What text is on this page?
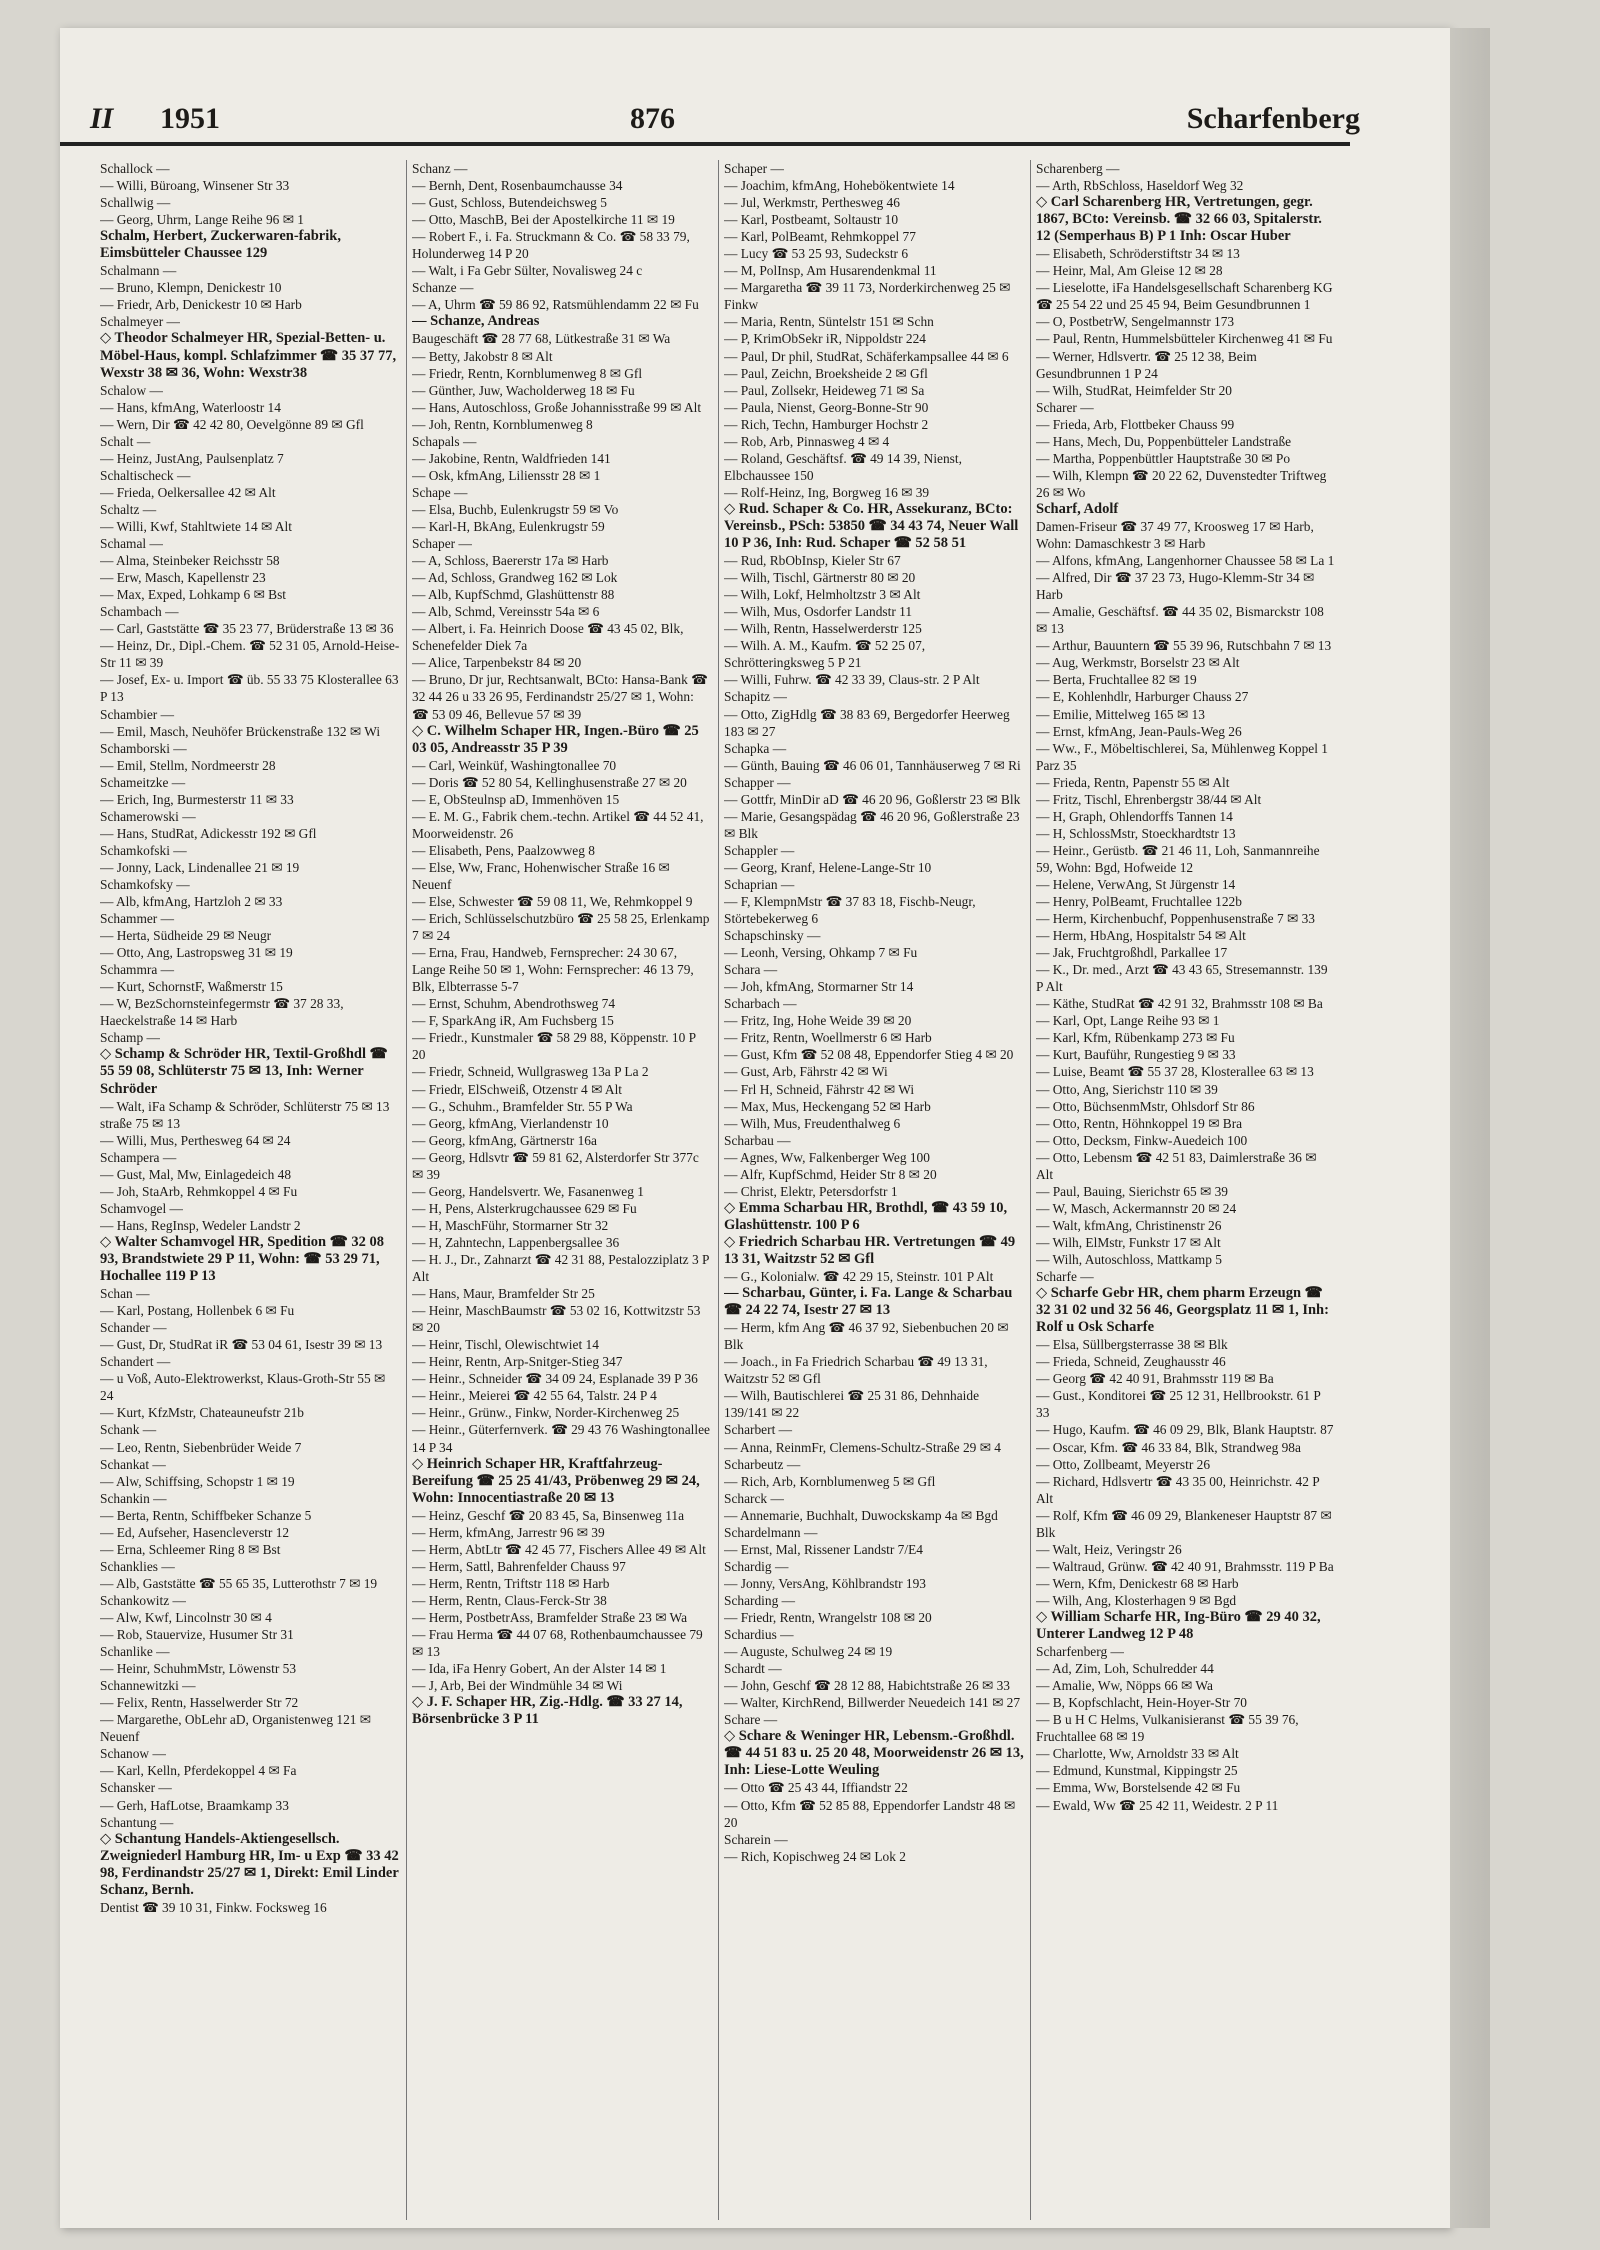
II 1951	876	Scharfenberg

Schallock —

— Willi, Büroang, Winsener Str 33

Schallwig —

— Georg, Uhrm, Lange Reihe 96 ✉ 1

Schalm, Herbert, Zuckerwaren-fabrik, Eimsbütteler Chaussee 129

Schalmann —

— Bruno, Klempn, Denickestr 10

— Friedr, Arb, Denickestr 10 ✉ Harb

Schalmeyer —

◇ Theodor Schalmeyer HR, Spezial-Betten- u. Möbel-Haus, kompl. Schlafzimmer ☎ 35 37 77, Wexstr 38 ✉ 36, Wohn: Wexstr38

Schalow —

— Hans, kfmAng, Waterloostr 14

— Wern, Dir ☎ 42 42 80, Oevelgönne 89 ✉ Gfl

Schalt —

— Heinz, JustAng, Paulsenplatz 7

Schaltischeck —

— Frieda, Oelkersallee 42 ✉ Alt

Schaltz —

— Willi, Kwf, Stahltwiete 14 ✉ Alt

Schamal —

— Alma, Steinbeker Reichsstr 58

— Erw, Masch, Kapellenstr 23

— Max, Exped, Lohkamp 6 ✉ Bst

Schambach —

— Carl, Gaststätte ☎ 35 23 77, Brüderstraße 13 ✉ 36

— Heinz, Dr., Dipl.-Chem. ☎ 52 31 05, Arnold-Heise-Str 11 ✉ 39

— Josef, Ex- u. Import ☎ üb. 55 33 75 Klosterallee 63 P 13

Schambier —

— Emil, Masch, Neuhöfer Brückenstraße 132 ✉ Wi

Schamborski —

— Emil, Stellm, Nordmeerstr 28

Schameitzke —

— Erich, Ing, Burmesterstr 11 ✉ 33

Schamerowski —

— Hans, StudRat, Adickesstr 192 ✉ Gfl

Schamkofski —

— Jonny, Lack, Lindenallee 21 ✉ 19

Schamkofsky —

— Alb, kfmAng, Hartzloh 2 ✉ 33

Schammer —

— Herta, Südheide 29 ✉ Neugr

— Otto, Ang, Lastropsweg 31 ✉ 19

Schammra —

— Kurt, SchornstF, Waßmerstr 15

— W, BezSchornsteinfegermstr ☎ 37 28 33, Haeckelstraße 14 ✉ Harb

Schamp —

◇ Schamp & Schröder HR, Textil-Großhdl ☎ 55 59 08, Schlüterstr 75 ✉ 13, Inh: Werner Schröder

— Walt, iFa Schamp & Schröder, Schlüterstr 75 ✉ 13

straße 75 ✉ 13

— Willi, Mus, Perthesweg 64 ✉ 24

Schampera —

— Gust, Mal, Mw, Einlagedeich 48

— Joh, StaArb, Rehmkoppel 4 ✉ Fu

Schamvogel —

— Hans, RegInsp, Wedeler Landstr 2

◇ Walter Schamvogel HR, Spedition ☎ 32 08 93, Brandstwiete 29 P 11, Wohn: ☎ 53 29 71, Hochallee 119 P 13

Schan —

— Karl, Postang, Hollenbek 6 ✉ Fu

Schander —

— Gust, Dr, StudRat iR ☎ 53 04 61, Isestr 39 ✉ 13

Schandert —

— u Voß, Auto-Elektrowerkst, Klaus-Groth-Str 55 ✉ 24

— Kurt, KfzMstr, Chateauneufstr 21b

Schank —

— Leo, Rentn, Siebenbrüder Weide 7

Schankat —

— Alw, Schiffsing, Schopstr 1 ✉ 19

Schankin —

— Berta, Rentn, Schiffbeker Schanze 5

— Ed, Aufseher, Hasencleverstr 12

— Erna, Schleemer Ring 8 ✉ Bst

Schanklies —

— Alb, Gaststätte ☎ 55 65 35, Lutterothstr 7 ✉ 19

Schankowitz —

— Alw, Kwf, Lincolnstr 30 ✉ 4

— Rob, Stauervize, Husumer Str 31

Schanlike —

— Heinr, SchuhmMstr, Löwenstr 53

Schannewitzki —

— Felix, Rentn, Hasselwerder Str 72

— Margarethe, ObLehr aD, Organistenweg 121 ✉ Neuenf

Schanow —

— Karl, Kelln, Pferdekoppel 4 ✉ Fa

Schansker —

— Gerh, HafLotse, Braamkamp 33

Schantung —

◇ Schantung Handels-Aktiengesellsch. Zweigniederl Hamburg HR, Im- u Exp ☎ 33 42 98, Ferdinandstr 25/27 ✉ 1, Direkt: Emil Linder

Schanz, Bernh.

Dentist ☎ 39 10 31, Finkw. Focksweg 16

Schanz —

— Bernh, Dent, Rosenbaumchausse 34

— Gust, Schloss, Butendeichsweg 5

— Otto, MaschB, Bei der Apostelkirche 11 ✉ 19

— Robert F., i. Fa. Struckmann & Co. ☎ 58 33 79, Holunderweg 14 P 20

— Walt, i Fa Gebr Sülter, Novaliswеg 24 c

Schanze —

— A, Uhrm ☎ 59 86 92, Ratsmühlendamm 22 ✉ Fu

— Schanze, Andreas

Baugeschäft ☎ 28 77 68, Lütkestraße 31 ✉ Wa

— Betty, Jakobstr 8 ✉ Alt

— Friedr, Rentn, Kornblumenweg 8 ✉ Gfl

— Günther, Juw, Wacholderweg 18 ✉ Fu

— Hans, Autoschloss, Große Johannisstraße 99 ✉ Alt

— Joh, Rentn, Kornblumenweg 8

Schapals —

— Jakobine, Rentn, Waldfrieden 141

— Osk, kfmAng, Liliensstr 28 ✉ 1

Schape —

— Elsa, Buchb, Eulenkrugstr 59 ✉ Vo

— Karl-H, BkAng, Eulenkrugstr 59

Schaper —

— A, Schloss, Baererstr 17a ✉ Harb

— Ad, Schloss, Grandweg 162 ✉ Lok

— Alb, KupfSchmd, Glashüttenstr 88

— Alb, Schmd, Vereinsstr 54a ✉ 6

— Albert, i. Fa. Heinrich Doose ☎ 43 45 02, Blk, Schenefelder Diek 7a

— Alice, Tarpenbekstr 84 ✉ 20

— Bruno, Dr jur, Rechtsanwalt, BCto: Hansa-Bank ☎ 32 44 26 u 33 26 95, Ferdinandstr 25/27 ✉ 1, Wohn: ☎ 53 09 46, Bellevue 57 ✉ 39

◇ C. Wilhelm Schaper HR, Ingen.-Büro ☎ 25 03 05, Andreasstr 35 P 39

— Carl, Weinküf, Washingtonallee 70

— Doris ☎ 52 80 54, Kellinghusenstraße 27 ✉ 20

— E, ObSteulnsp aD, Immenhöven 15

— E. M. G., Fabrik chem.-techn. Artikel ☎ 44 52 41, Moorweidenstr. 26

— Elisabeth, Pens, Paalzowweg 8

— Else, Ww, Franc, Hohenwischer Straße 16 ✉ Neuenf

— Else, Schwester ☎ 59 08 11, We, Rehmkoppel 9

— Erich, Schlüsselschutzbüro ☎ 25 58 25, Erlenkamp 7 ✉ 24

— Erna, Frau, Handweb, Fernsprecher: 24 30 67, Lange Reihe 50 ✉ 1, Wohn: Fernsprecher: 46 13 79, Blk, Elbterrasse 5-7

— Ernst, Schuhm, Abendrothsweg 74

— F, SparkAng iR, Am Fuchsberg 15

— Friedr., Kunstmaler ☎ 58 29 88, Köppenstr. 10 P 20

— Friedr, Schneid, Wullgrasweg 13a P La 2

— Friedr, ElSchweiß, Otzenstr 4 ✉ Alt

— G., Schuhm., Bramfelder Str. 55 P Wa

— Georg, kfmAng, Vierlandenstr 10

— Georg, kfmAng, Gärtnerstr 16a

— Georg, Hdlsvtr ☎ 59 81 62, Alsterdorfer Str 377c ✉ 39

— Georg, Handelsvertr. We, Fasanenweg 1

— H, Pens, Alsterkrugchaussee 629 ✉ Fu

— H, MaschFühr, Stormarner Str 32

— H, Zahntechn, Lappenbergsallee 36

— H. J., Dr., Zahnarzt ☎ 42 31 88, Pestalozziplatz 3 P Alt

— Hans, Maur, Bramfelder Str 25

— Heinr, MaschBaumstr ☎ 53 02 16, Kottwitzstr 53 ✉ 20

— Heinr, Tischl, Olewischtwiet 14

— Heinr, Rentn, Arp-Snitger-Stieg 347

— Heinr., Schneider ☎ 34 09 24, Esplanade 39 P 36

— Heinr., Meierei ☎ 42 55 64, Talstr. 24 P 4

— Heinr., Grünw., Finkw, Norder-Kirchenweg 25

— Heinr., Güterfernverk. ☎ 29 43 76 Washingtonallee 14 P 34

◇ Heinrich Schaper HR, Kraftfahrzeug-Bereifung ☎ 25 25 41/43, Pröbenweg 29 ✉ 24, Wohn: Innocentiastraße 20 ✉ 13

— Heinz, Geschf ☎ 20 83 45, Sa, Binsenweg 11a

— Herm, kfmAng, Jarrestr 96 ✉ 39

— Herm, AbtLtr ☎ 42 45 77, Fischers Allee 49 ✉ Alt

— Herm, Sattl, Bahrenfelder Chauss 97

— Herm, Rentn, Triftstr 118 ✉ Harb

— Herm, Rentn, Claus-Ferck-Str 38

— Herm, PostbetrAss, Bramfelder Straße 23 ✉ Wa

— Frau Herma ☎ 44 07 68, Rothenbaumchaussee 79 ✉ 13

— Ida, iFa Henry Gobert, An der Alster 14 ✉ 1

— J, Arb, Bei der Windmühle 34 ✉ Wi

◇ J. F. Schaper HR, Zig.-Hdlg. ☎ 33 27 14, Börsenbrücke 3 P 11

Schaper —

— Joachim, kfmAng, Hohebökentwiete 14

— Jul, Werkmstr, Perthesweg 46

— Karl, Postbeamt, Soltaustr 10

— Karl, PolBeamt, Rehmkoppel 77

— Lucy ☎ 53 25 93, Sudeckstr 6

— M, PolInsp, Am Husarendenkmal 11

— Margaretha ☎ 39 11 73, Norderkirchenweg 25 ✉ Finkw

— Maria, Rentn, Süntelstr 151 ✉ Schn

— P, KrimObSekr iR, Nippoldstr 224

— Paul, Dr phil, StudRat, Schäferkampsallee 44 ✉ 6

— Paul, Zeichn, Broeksheide 2 ✉ Gfl

— Paul, Zollsekr, Heideweg 71 ✉ Sa

— Paula, Nienst, Georg-Bonne-Str 90

— Rich, Techn, Hamburger Hochstr 2

— Rob, Arb, Pinnasweg 4 ✉ 4

— Roland, Geschäftsf. ☎ 49 14 39, Nienst, Elbchaussee 150

— Rolf-Heinz, Ing, Borgweg 16 ✉ 39

◇ Rud. Schaper & Co. HR, Assekuranz, BCto: Vereinsb., PSch: 53850 ☎ 34 43 74, Neuer Wall 10 P 36, Inh: Rud. Schaper ☎ 52 58 51

— Rud, RbObInsp, Kieler Str 67

— Wilh, Tischl, Gärtnerstr 80 ✉ 20

— Wilh, Lokf, Helmholtzstr 3 ✉ Alt

— Wilh, Mus, Osdorfer Landstr 11

— Wilh, Rentn, Hasselwerderstr 125

— Wilh. A. M., Kaufm. ☎ 52 25 07, Schrötteringksweg 5 P 21

— Willi, Fuhrw. ☎ 42 33 39, Claus-str. 2 P Alt

Schapitz —

— Otto, ZigHdlg ☎ 38 83 69, Bergedorfer Heerweg 183 ✉ 27

Schapka —

— Günth, Bauing ☎ 46 06 01, Tannhäuserweg 7 ✉ Ri

Schapper —

— Gottfr, MinDir aD ☎ 46 20 96, Goßlerstr 23 ✉ Blk

— Marie, Gesangspädag ☎ 46 20 96, Goßlerstraße 23 ✉ Blk

Schappler —

— Georg, Kranf, Helene-Lange-Str 10

Schaprian —

— F, KlempnMstr ☎ 37 83 18, Fischb-Neugr, Störtebekerweg 6

Schapschinsky —

— Leonh, Versing, Ohkamp 7 ✉ Fu

Schara —

— Joh, kfmAng, Stormarner Str 14

Scharbach —

— Fritz, Ing, Hohe Weide 39 ✉ 20

— Fritz, Rentn, Woellmerstr 6 ✉ Harb

— Gust, Kfm ☎ 52 08 48, Eppendorfer Stieg 4 ✉ 20

— Gust, Arb, Fährstr 42 ✉ Wi

— Frl H, Schneid, Fährstr 42 ✉ Wi

— Max, Mus, Heckengang 52 ✉ Harb

— Wilh, Mus, Freudenthalweg 6

Scharbau —

— Agnes, Ww, Falkenberger Weg 100

— Alfr, KupfSchmd, Heider Str 8 ✉ 20

— Christ, Elektr, Petersdorfstr 1

◇ Emma Scharbau HR, Brothdl, ☎ 43 59 10, Glashüttenstr. 100 P 6

◇ Friedrich Scharbau HR. Vertretungen ☎ 49 13 31, Waitzstr 52 ✉ Gfl

— G., Kolonialw. ☎ 42 29 15, Steinstr. 101 P Alt

— Scharbau, Günter, i. Fa. Lange & Scharbau ☎ 24 22 74, Isestr 27 ✉ 13

— Herm, kfm Ang ☎ 46 37 92, Siebenbuchen 20 ✉ Blk

— Joach., in Fa Friedrich Scharbau ☎ 49 13 31, Waitzstr 52 ✉ Gfl

— Wilh, Bautischlerei ☎ 25 31 86, Dehnhaide 139/141 ✉ 22

Scharbert —

— Anna, ReinmFr, Clemens-Schultz-Straße 29 ✉ 4

Scharbeutz —

— Rich, Arb, Kornblumenweg 5 ✉ Gfl

Scharck —

— Annemarie, Buchhalt, Duwockskamp 4a ✉ Bgd

Schardelmann —

— Ernst, Mal, Rissener Landstr 7/E4

Schardig —

— Jonny, VersAng, Köhlbrandstr 193

Scharding —

— Friedr, Rentn, Wrangelstr 108 ✉ 20

Schardius —

— Auguste, Schulweg 24 ✉ 19

Schardt —

— John, Geschf ☎ 28 12 88, Habichtstraße 26 ✉ 33

— Walter, KirchRend, Billwerder Neuedeich 141 ✉ 27

Schare —

◇ Schare & Weninger HR, Lebensm.-Großhdl. ☎ 44 51 83 u. 25 20 48, Moorweidenstr 26 ✉ 13, Inh: Liese-Lotte Weuling

— Otto ☎ 25 43 44, Iffiandstr 22

— Otto, Kfm ☎ 52 85 88, Eppendorfer Landstr 48 ✉ 20

Scharein —

— Rich, Kopischweg 24 ✉ Lok 2

Scharenberg —

— Arth, RbSchloss, Haseldorf Weg 32

◇ Carl Scharenberg HR, Vertretungen, gegr. 1867, BCto: Vereinsb. ☎ 32 66 03, Spitalerstr. 12 (Semperhaus B) P 1 Inh: Oscar Huber

— Elisabeth, Schröderstiftstr 34 ✉ 13

— Heinr, Mal, Am Gleise 12 ✉ 28

— Lieselotte, iFa Handelsgesellschaft Scharenberg KG ☎ 25 54 22 und 25 45 94, Beim Gesundbrunnen 1

— O, PostbetrW, Sengelmannstr 173

— Paul, Rentn, Hummelsbütteler Kirchenweg 41 ✉ Fu

— Werner, Hdlsvertr. ☎ 25 12 38, Beim Gesundbrunnen 1 P 24

— Wilh, StudRat, Heimfelder Str 20

Scharer —

— Frieda, Arb, Flottbeker Chauss 99

— Hans, Mech, Du, Poppenbütteler Landstraße

— Martha, Poppenbüttler Hauptstraße 30 ✉ Po

— Wilh, Klempn ☎ 20 22 62, Duvenstedter Triftweg 26 ✉ Wo

Scharf, Adolf

Damen-Friseur ☎ 37 49 77, Kroosweg 17 ✉ Harb, Wohn: Damaschkestr 3 ✉ Harb

— Alfons, kfmAng, Langenhorner Chaussee 58 ✉ La 1

— Alfred, Dir ☎ 37 23 73, Hugo-Klemm-Str 34 ✉ Harb

— Amalie, Geschäftsf. ☎ 44 35 02, Bismarckstr 108 ✉ 13

— Arthur, Bauuntern ☎ 55 39 96, Rutschbahn 7 ✉ 13

— Aug, Werkmstr, Borselstr 23 ✉ Alt

— Berta, Fruchtallee 82 ✉ 19

— E, Kohlenhdlr, Harburger Chauss 27

— Emilie, Mittelweg 165 ✉ 13

— Ernst, kfmAng, Jean-Pauls-Weg 26

— Ww., F., Möbeltischlerei, Sa, Mühlenweg Koppel 1 Parz 35

— Frieda, Rentn, Papenstr 55 ✉ Alt

— Fritz, Tischl, Ehrenbergstr 38/44 ✉ Alt

— H, Graph, Ohlendorffs Tannen 14

— H, SchlossMstr, Stoeckhardtstr 13

— Heinr., Gerüstb. ☎ 21 46 11, Loh, Sanmannreihe 59, Wohn: Bgd, Hofweide 12

— Helene, VerwAng, St Jürgenstr 14

— Henry, PolBeamt, Fruchtallee 122b

— Herm, Kirchenbuchf, Poppenhusenstraße 7 ✉ 33

— Herm, HbAng, Hospitalstr 54 ✉ Alt

— Jak, Fruchtgroßhdl, Parkallee 17

— K., Dr. med., Arzt ☎ 43 43 65, Stresemannstr. 139 P Alt

— Käthe, StudRat ☎ 42 91 32, Brahmsstr 108 ✉ Ba

— Karl, Opt, Lange Reihe 93 ✉ 1

— Karl, Kfm, Rübenkamp 273 ✉ Fu

— Kurt, Bauführ, Rungestieg 9 ✉ 33

— Luise, Beamt ☎ 55 37 28, Klosterallee 63 ✉ 13

— Otto, Ang, Sierichstr 110 ✉ 39

— Otto, BüchsenmMstr, Ohlsdorf Str 86

— Otto, Rentn, Höhnkoppel 19 ✉ Bra

— Otto, Decksm, Finkw-Auedeich 100

— Otto, Lebensm ☎ 42 51 83, Daimlerstraße 36 ✉ Alt

— Paul, Bauing, Sierichstr 65 ✉ 39

— W, Masch, Ackermannstr 20 ✉ 24

— Walt, kfmAng, Christinenstr 26

— Wilh, ElMstr, Funkstr 17 ✉ Alt

— Wilh, Autoschloss, Mattkamp 5

Scharfe —

◇ Scharfe Gebr HR, chem pharm Erzeugn ☎ 32 31 02 und 32 56 46, Georgsplatz 11 ✉ 1, Inh: Rolf u Osk Scharfe

— Elsa, Süllbergsterrasse 38 ✉ Blk

— Frieda, Schneid, Zeughausstr 46

— Georg ☎ 42 40 91, Brahmsstr 119 ✉ Ba

— Gust., Konditorei ☎ 25 12 31, Hellbrookstr. 61 P 33

— Hugo, Kaufm. ☎ 46 09 29, Blk, Blank Hauptstr. 87

— Oscar, Kfm. ☎ 46 33 84, Blk, Strandweg 98a

— Otto, Zollbeamt, Meyerstr 26

— Richard, Hdlsvertr ☎ 43 35 00, Heinrichstr. 42 P Alt

— Rolf, Kfm ☎ 46 09 29, Blankeneser Hauptstr 87 ✉ Blk

— Walt, Heiz, Veringstr 26

— Waltraud, Grünw. ☎ 42 40 91, Brahmsstr. 119 P Ba

— Wern, Kfm, Denickestr 68 ✉ Harb

— Wilh, Ang, Klosterhagen 9 ✉ Bgd

◇ William Scharfe HR, Ing-Büro ☎ 29 40 32, Unterer Landweg 12 P 48

Scharfenberg —

— Ad, Zim, Loh, Schulredder 44

— Amalie, Ww, Nöpps 66 ✉ Wa

— B, Kopfschlacht, Hein-Hoyer-Str 70

— B u H C Helms, Vulkanisieranst ☎ 55 39 76, Fruchtallee 68 ✉ 19

— Charlotte, Ww, Arnoldstr 33 ✉ Alt

— Edmund, Kunstmal, Kippingstr 25

— Emma, Ww, Borstelsende 42 ✉ Fu

— Ewald, Ww ☎ 25 42 11, Weidestr. 2 P 11
